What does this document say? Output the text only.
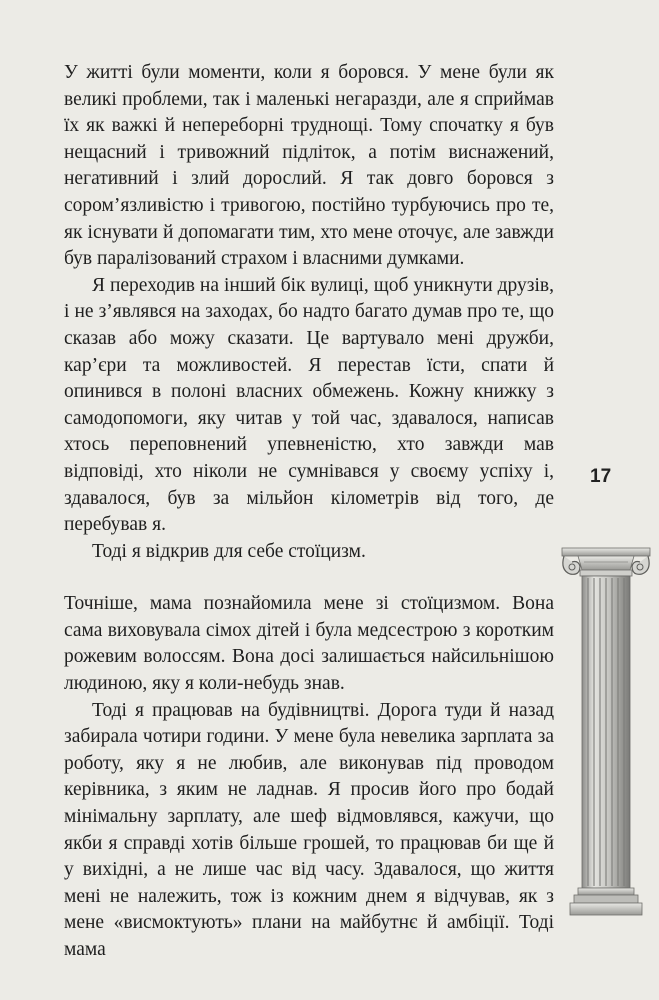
У житті були моменти, коли я боровся. У мене були як великі проблеми, так і маленькі негаразди, але я сприймав їх як важкі й непереборні труднощі. Тому спочатку я був нещасний і тривожний підліток, а потім виснажений, негативний і злий дорослий. Я так довго боровся з сором’язливістю і тривогою, постійно турбуючись про те, як існувати й допомагати тим, хто мене оточує, але завжди був паралізований страхом і власними думками.

Я переходив на інший бік вулиці, щоб уникнути друзів, і не з’являвся на заходах, бо надто багато думав про те, що сказав або можу сказати. Це вартувало мені дружби, кар’єри та можливостей. Я перестав їсти, спати й опинився в полоні власних обмежень. Кожну книжку з самодопомоги, яку читав у той час, здавалося, написав хтось переповнений упевненістю, хто завжди мав відповіді, хто ніколи не сумнівався у своєму успіху і, здавалося, був за мільйон кілометрів від того, де перебував я.

Тоді я відкрив для себе стоїцизм.

Точніше, мама познайомила мене зі стоїцизмом. Вона сама виховувала сімох дітей і була медсестрою з коротким рожевим волоссям. Вона досі залишається найсильнішою людиною, яку я коли-небудь знав.

Тоді я працював на будівництві. Дорога туди й назад забирала чотири години. У мене була невелика зарплата за роботу, яку я не любив, але виконував під проводом керівника, з яким не ладнав. Я просив його про бодай мінімальну зарплату, але шеф відмовлявся, кажучи, що якби я справді хотів більше грошей, то працював би ще й у вихідні, а не лише час від часу. Здавалося, що життя мені не належить, тож із кожним днем я відчував, як з мене «висмоктують» плани на майбутнє й амбіції. Тоді мама

17
